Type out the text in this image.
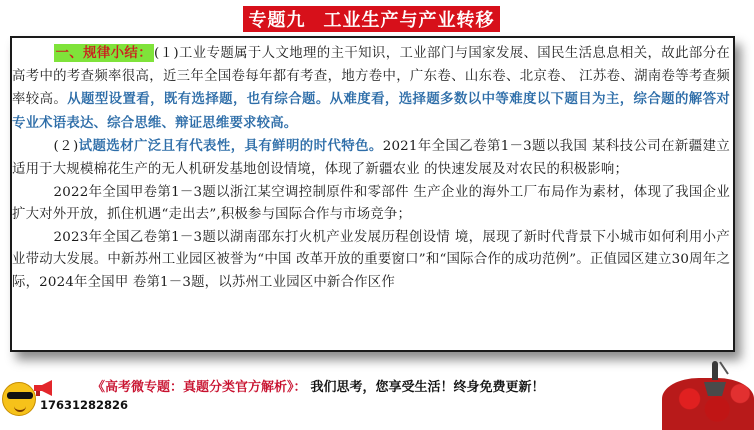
专题九 工业生产与产业转移

一、规律小结： (１)工业专题属于人文地理的主干知识，工业部门与国家发展、国民生活息息相关，故此部分在高考中的考查频率很高，近三年全国卷每年都有考查，地方卷中，广东卷、山东卷、北京卷、 江苏卷、湖南卷等考查频率较高。从题型设置看，既有选择题，也有综合题。从难度看，选择题多数以中等难度以下题目为主，综合题的解答对专业术语表达、综合思维、辩证思维要求较高。

(２)试题选材广泛且有代表性，具有鲜明的时代特色。2021年全国乙卷第1－3题以我国 某科技公司在新疆建立适用于大规模棉花生产的无人机研发基地创设情境，体现了新疆农业 的快速发展及对农民的积极影响；

2022年全国甲卷第1－3题以浙江某空调控制原件和零部件 生产企业的海外工厂布局作为素材，体现了我国企业扩大对外开放，抓住机遇“走出去”,积极参与国际合作与市场竞争；

2023年全国乙卷第1－3题以湖南邵东打火机产业发展历程创设情 境，展现了新时代背景下小城市如何利用小产业带动大发展。中新苏州工业园区被誉为“中国 改革开放的重要窗口”和“国际合作的成功范例”。正值园区建立30周年之际，2024年全国甲 卷第1－3题，以苏州工业园区中新合作区作

《高考微专题：真题分类官方解析》： 我们思考，您享受生活！终身免费更新！
17631282826
